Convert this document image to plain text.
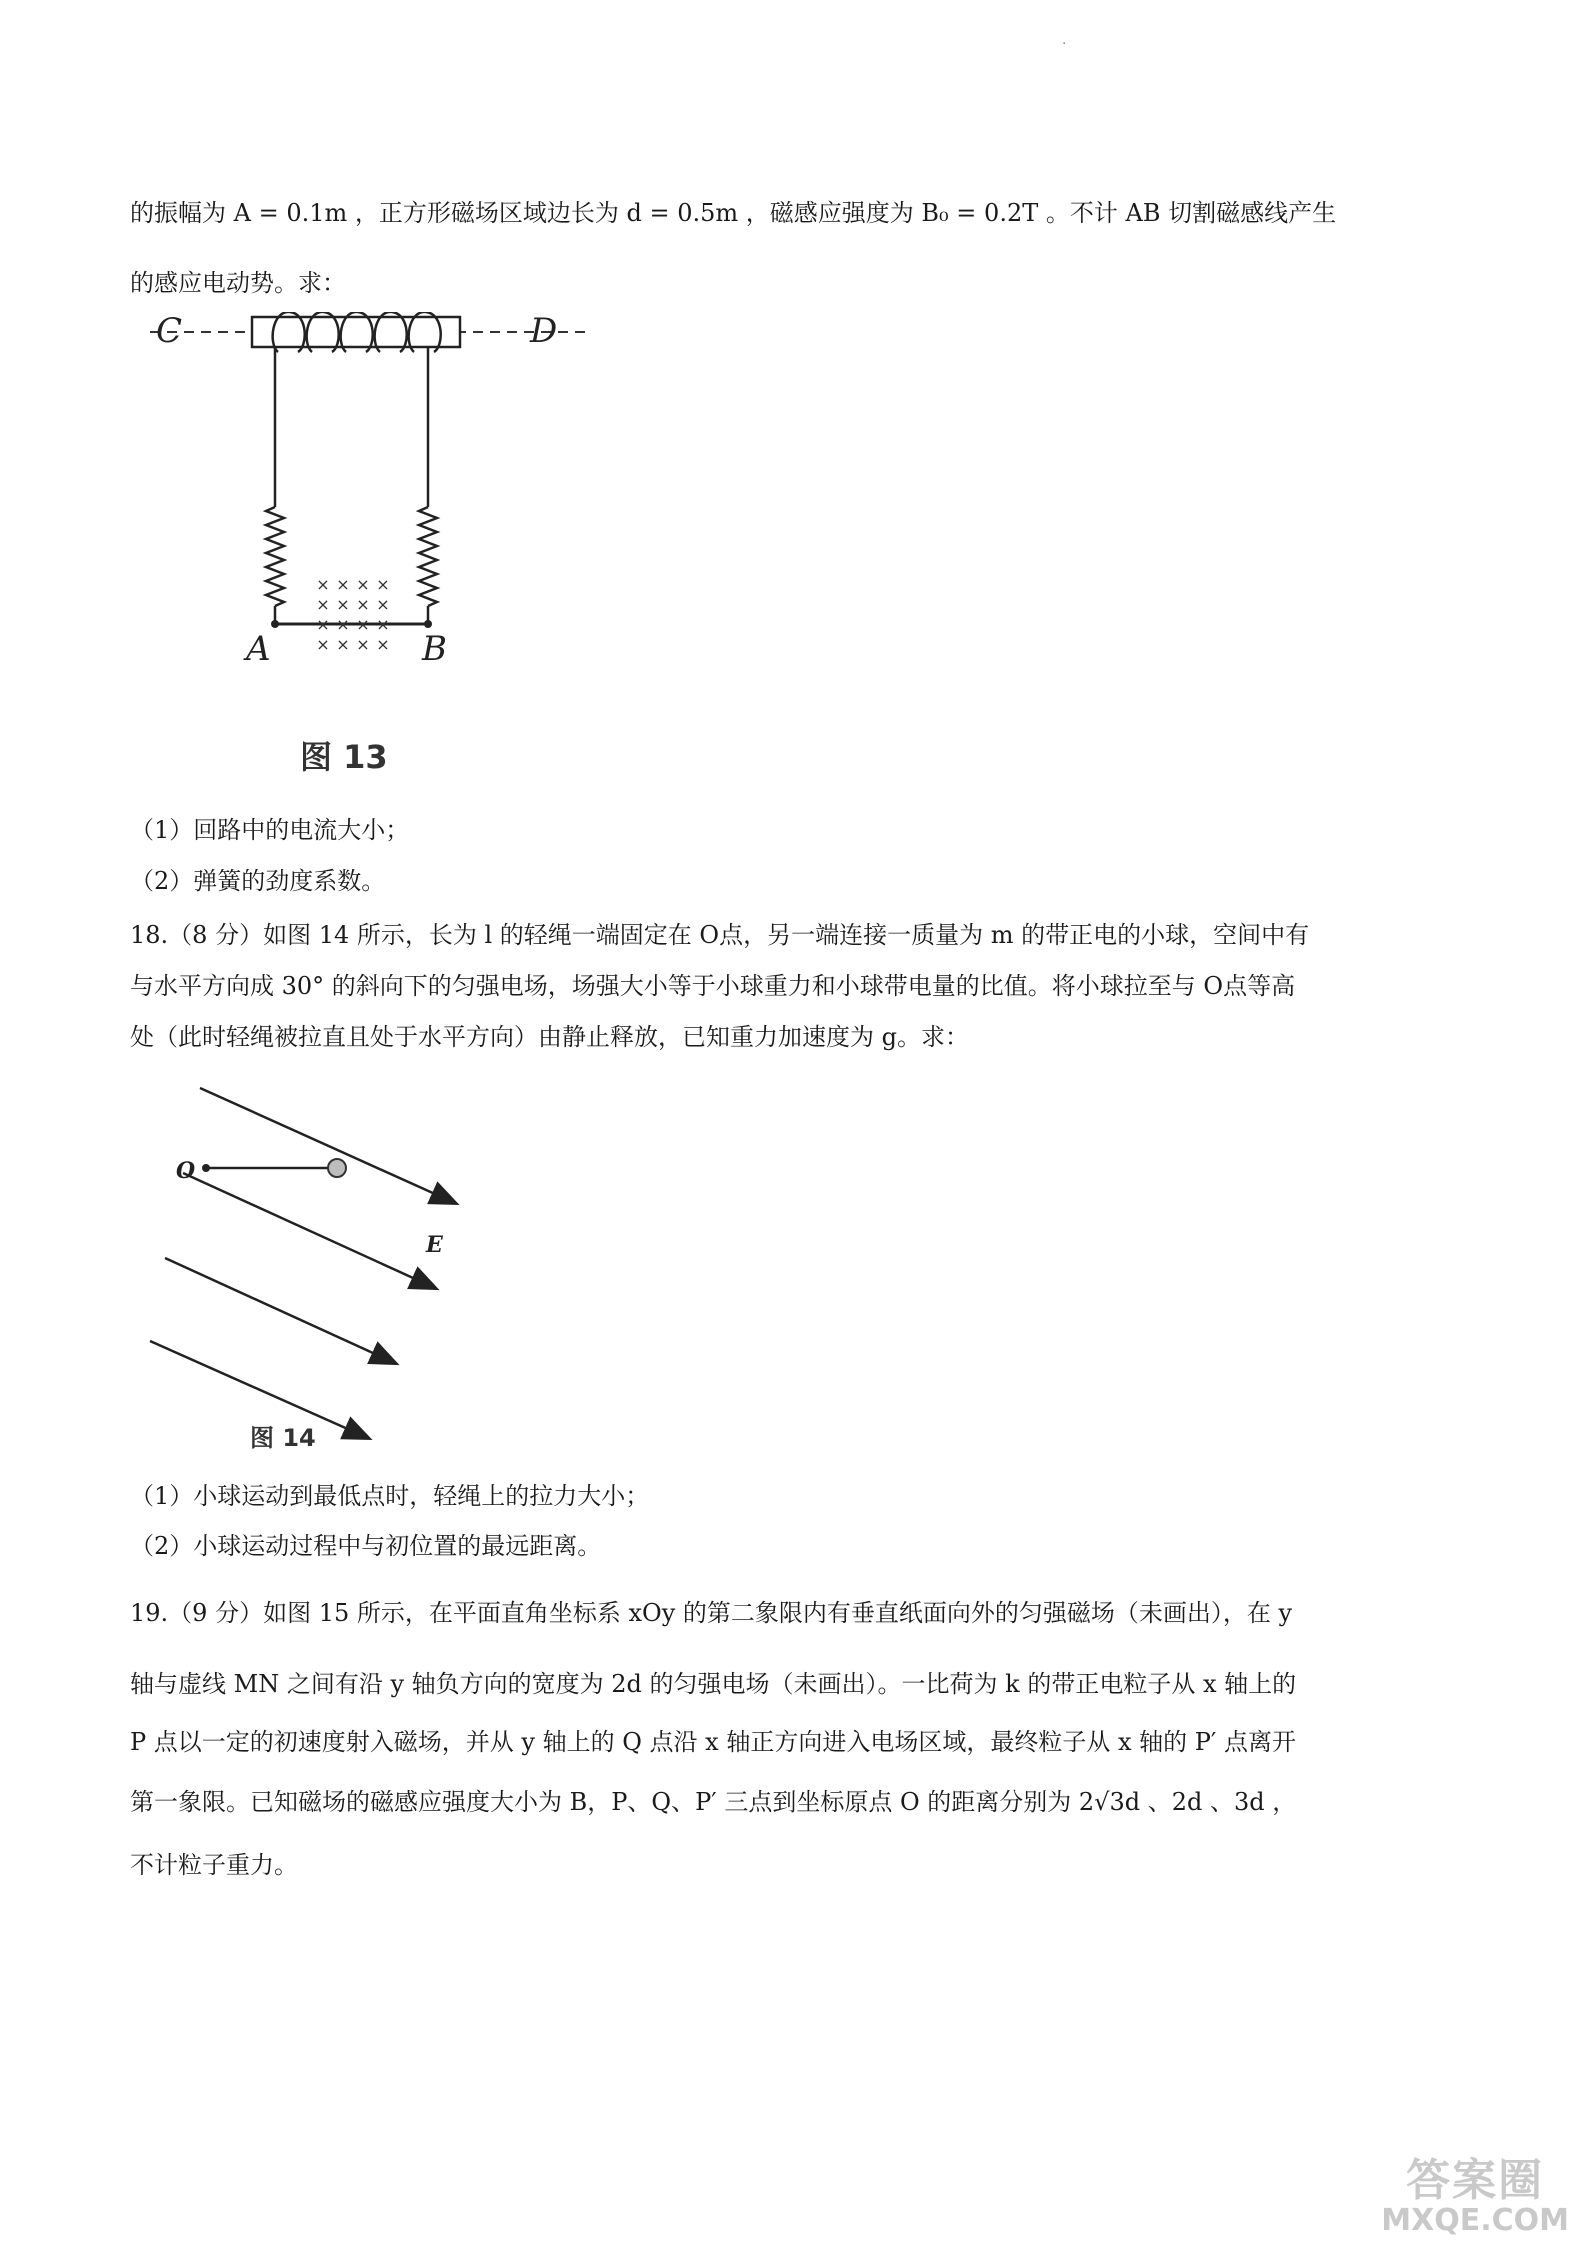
·
的振幅为 A = 0.1m ，正方形磁场区域边长为 d = 0.5m ，磁感应强度为 B₀ = 0.2T 。不计 AB 切割磁感线产生
的感应电动势。求：
× × × ×
× × × ×
× × × ×
× × × ×
C	D
A	B
图 13
（1）回路中的电流大小；
（2）弹簧的劲度系数。
18.（8 分）如图 14 所示，长为 l 的轻绳一端固定在 O点，另一端连接一质量为 m 的带正电的小球，空间中有
与水平方向成 30° 的斜向下的匀强电场，场强大小等于小球重力和小球带电量的比值。将小球拉至与 O点等高
处（此时轻绳被拉直且处于水平方向）由静止释放，已知重力加速度为 g。求：
O
E
图 14
（1）小球运动到最低点时，轻绳上的拉力大小；
（2）小球运动过程中与初位置的最远距离。
19.（9 分）如图 15 所示，在平面直角坐标系 xOy 的第二象限内有垂直纸面向外的匀强磁场（未画出），在 y
轴与虚线 MN 之间有沿 y 轴负方向的宽度为 2d 的匀强电场（未画出）。一比荷为 k 的带正电粒子从 x 轴上的
P 点以一定的初速度射入磁场，并从 y 轴上的 Q 点沿 x 轴正方向进入电场区域，最终粒子从 x 轴的 P′ 点离开
第一象限。已知磁场的磁感应强度大小为 B，P、Q、P′ 三点到坐标原点 O 的距离分别为 2√3d 、2d 、3d ，
不计粒子重力。
答案圈
MXQE.COM
